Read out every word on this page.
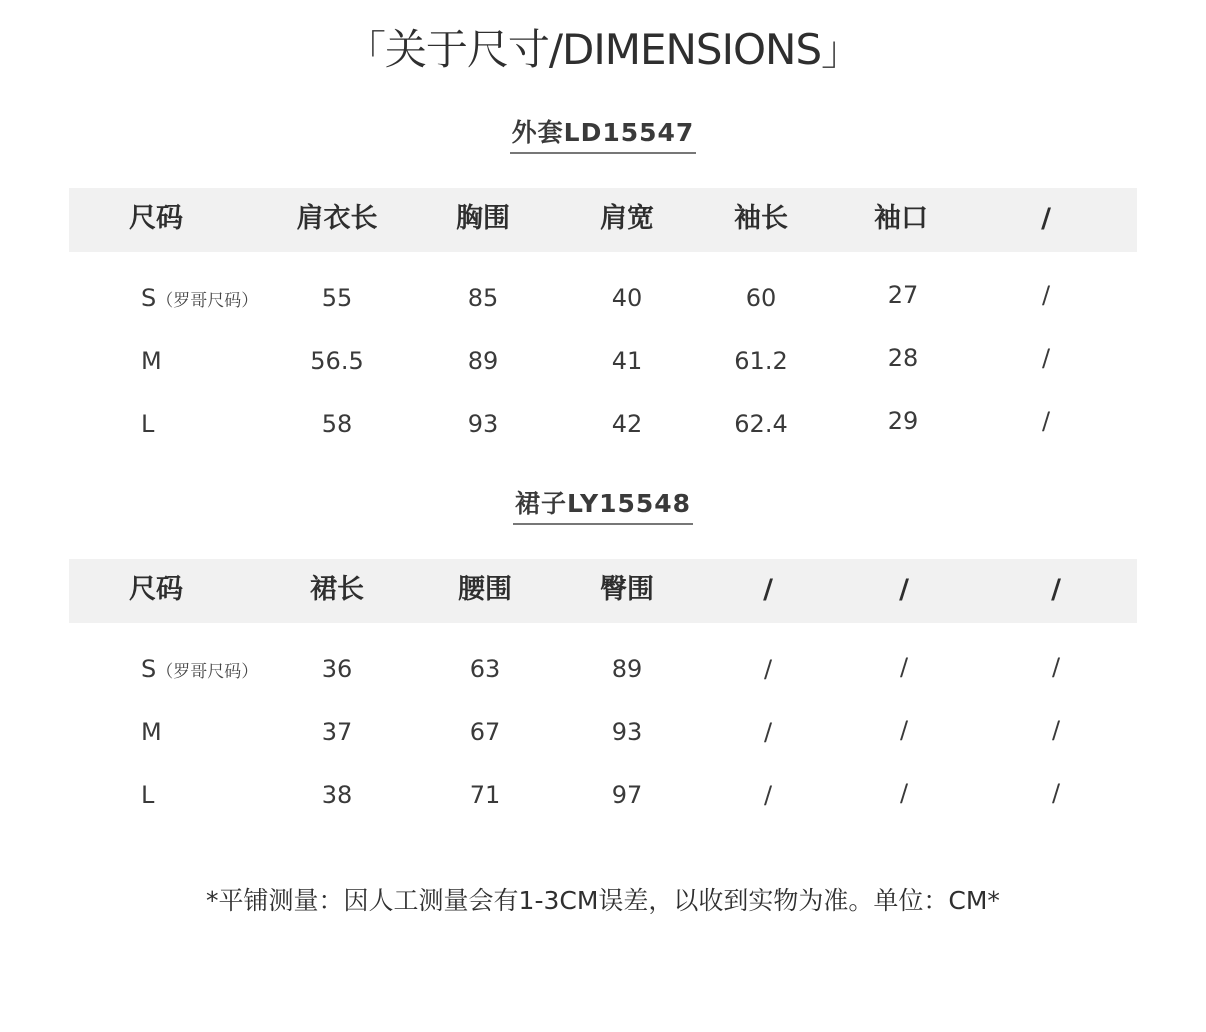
「关于尺寸/DIMENSIONS」
外套LD15547
尺码	肩衣长	胸围	肩宽	袖长	袖口	/
S（罗哥尺码）	55	85	40	60	27	/
M	56.5	89	41	61.2	28	/
L	58	93	42	62.4	29	/
裙子LY15548
尺码	裙长	腰围	臀围	/	/	/
S（罗哥尺码）	36	63	89	/	/	/
M	37	67	93	/	/	/
L	38	71	97	/	/	/
*平铺测量：因人工测量会有1-3CM误差，以收到实物为准。单位：CM*
